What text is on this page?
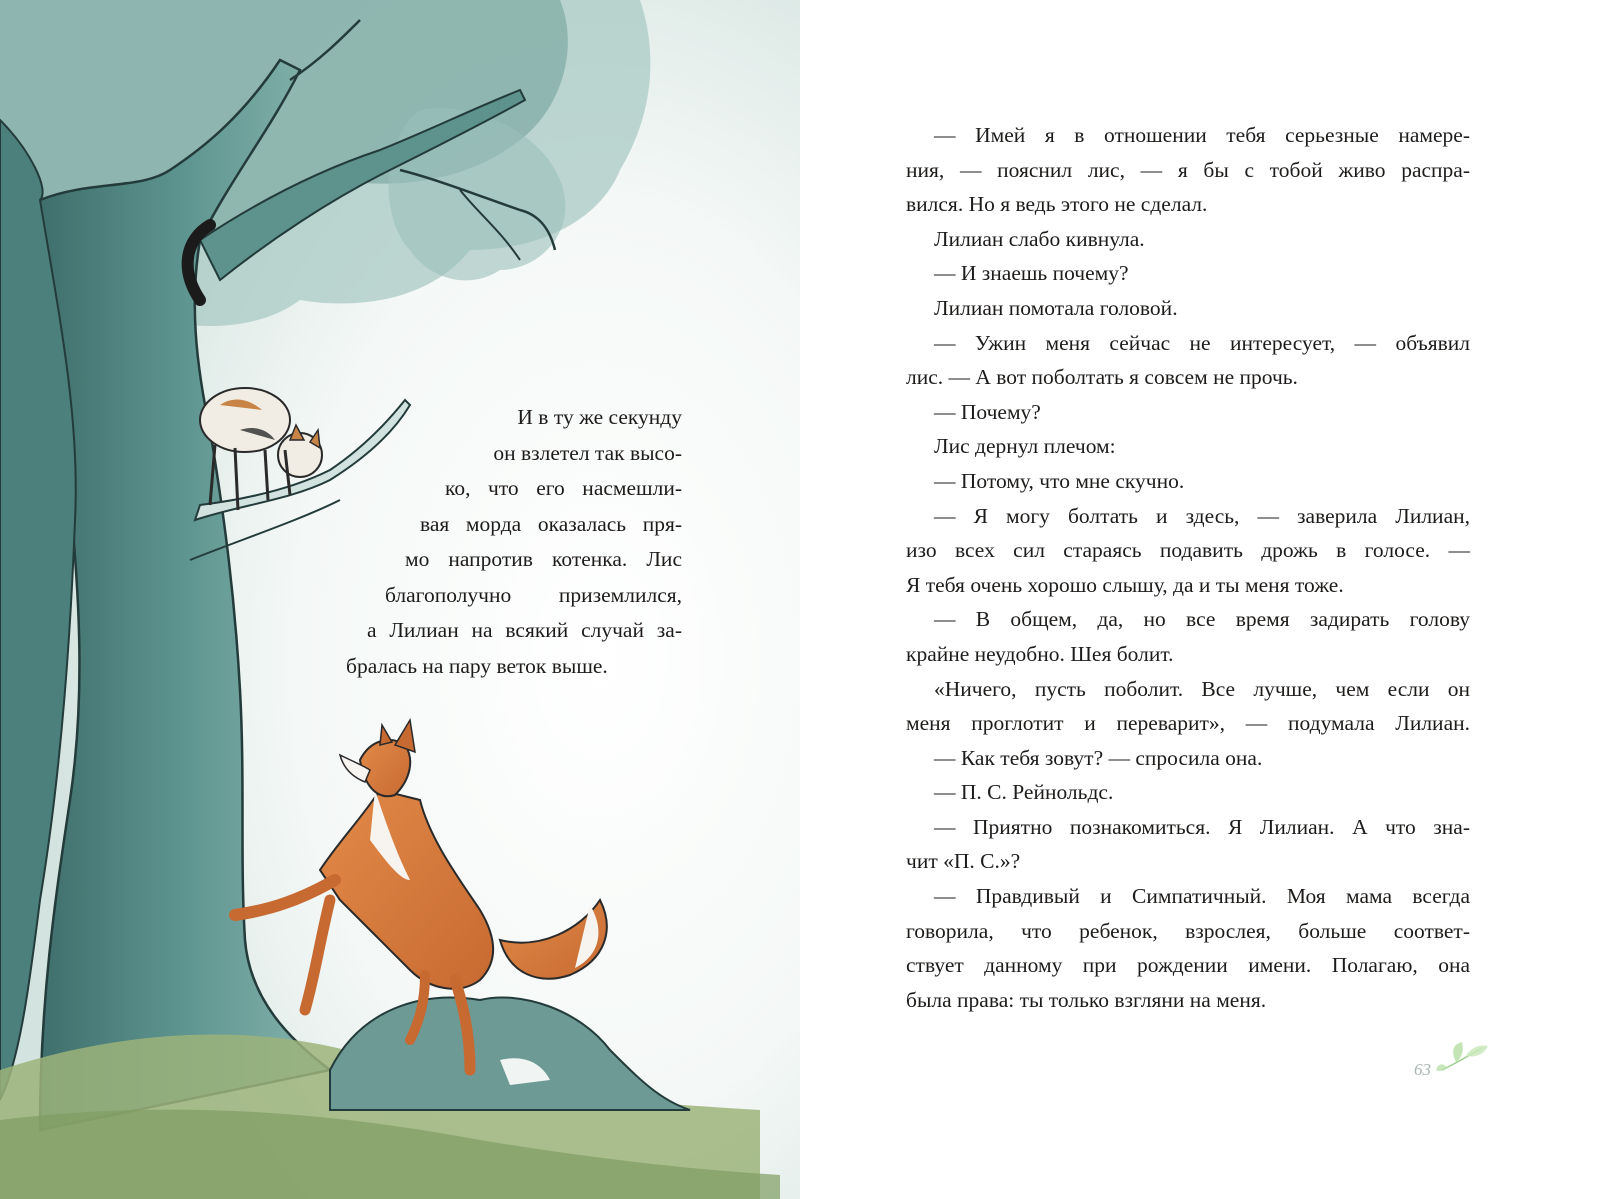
И в ту же секунду
он взлетел так высо-
ко, что его насмешли-
вая морда оказалась пря-
мо напротив котенка. Лис
благополучно приземлился,
а Лилиан на всякий случай за-
бралась на пару веток выше.
— Имей я в отношении тебя серьезные намере-
ния, — пояснил лис, — я бы с тобой живо распра-
вился. Но я ведь этого не сделал.
Лилиан слабо кивнула.
— И знаешь почему?
Лилиан помотала головой.
— Ужин меня сейчас не интересует, — объявил
лис. — А вот поболтать я совсем не прочь.
— Почему?
Лис дернул плечом:
— Потому, что мне скучно.
— Я могу болтать и здесь, — заверила Лилиан,
изо всех сил стараясь подавить дрожь в голосе. —
Я тебя очень хорошо слышу, да и ты меня тоже.
— В общем, да, но все время задирать голову
крайне неудобно. Шея болит.
«Ничего, пусть поболит. Все лучше, чем если он
меня проглотит и переварит», — подумала Лилиан.
— Как тебя зовут? — спросила она.
— П. С. Рейнольдс.
— Приятно познакомиться. Я Лилиан. А что зна-
чит «П. С.»?
— Правдивый и Симпатичный. Моя мама всегда
говорила, что ребенок, взрослея, больше соответ-
ствует данному при рождении имени. Полагаю, она
была права: ты только взгляни на меня.
63
